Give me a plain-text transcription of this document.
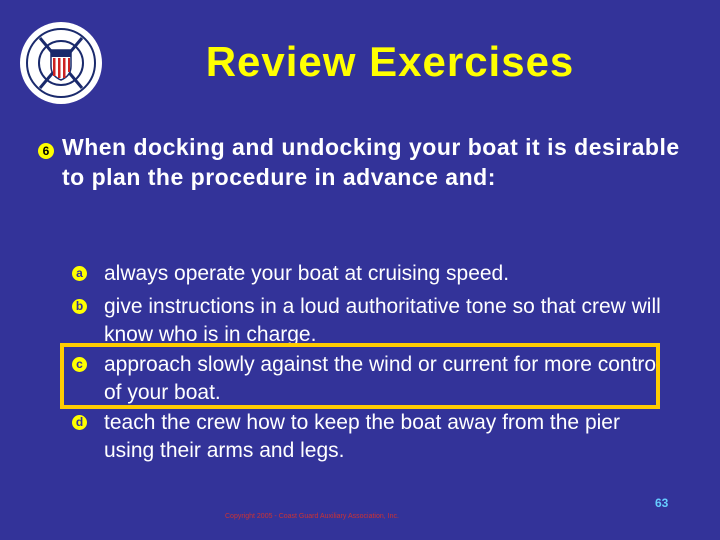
Review Exercises
6 When docking and undocking your boat it is desirable to plan the procedure in advance and:
a always operate your boat at cruising speed.
b give instructions in a loud authoritative tone so that crew will know who is in charge.
c approach slowly against the wind or current for more control of your boat.
d teach the crew how to keep the boat away from the pier using their arms and legs.
63
Copyright 2005 - Coast Guard Auxiliary Association, Inc.
